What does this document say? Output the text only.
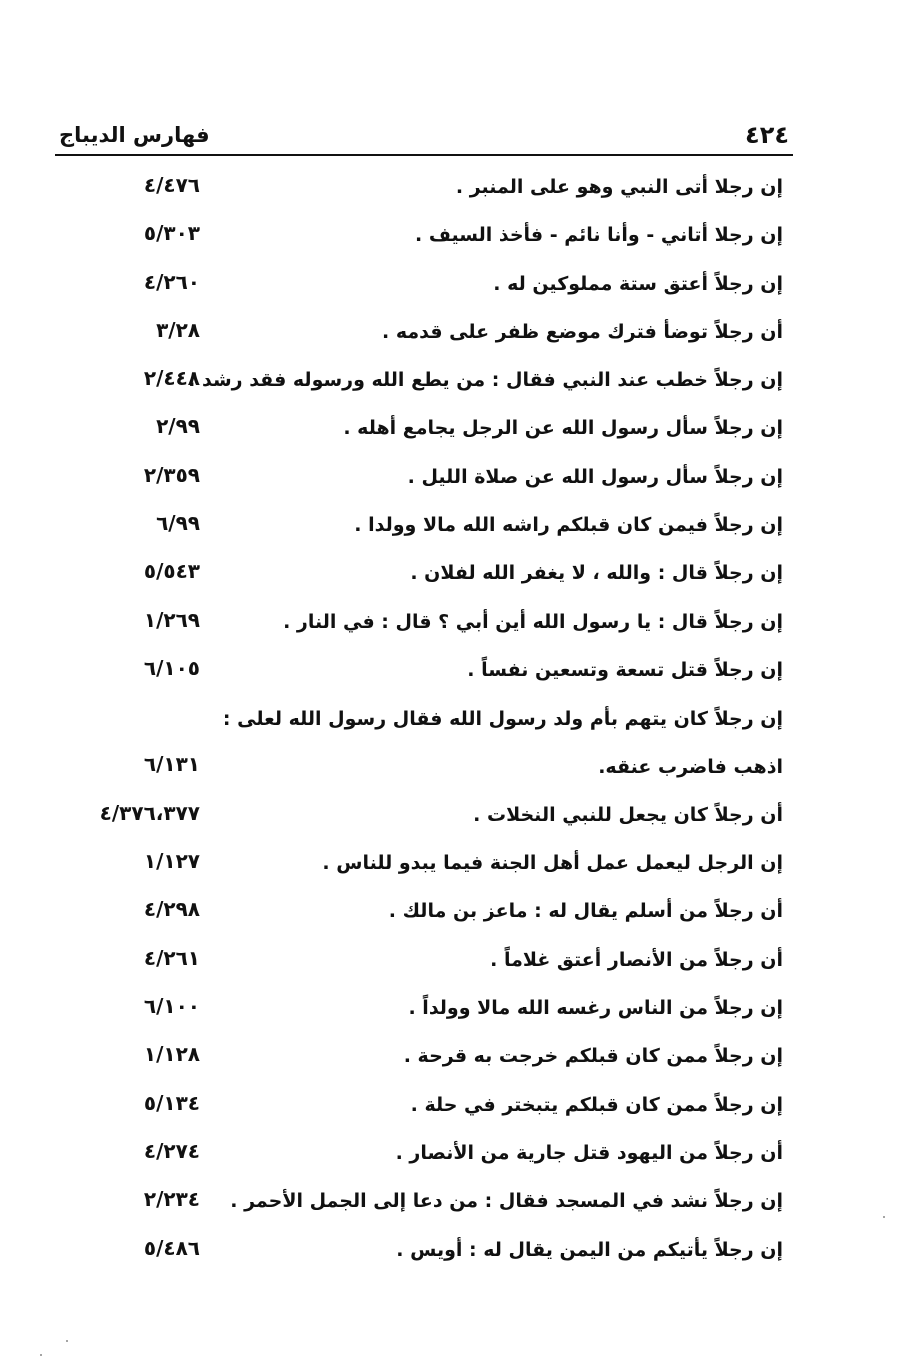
٤٢٤
فهارس الديباج
إن رجلا أتى النبي وهو على المنبر .
٤/٤٧٦
إن رجلا أتاني - وأنا نائم - فأخذ السيف .
٥/٣٠٣
إن رجلاً أعتق ستة مملوكين له .
٤/٢٦٠
أن رجلاً توضأ فترك موضع ظفر على قدمه .
٣/٢٨
إن رجلاً خطب عند النبي فقال : من يطع الله ورسوله فقد رشد .
٢/٤٤٨
إن رجلاً سأل رسول الله عن الرجل يجامع أهله .
٢/٩٩
إن رجلاً سأل رسول الله عن صلاة الليل .
٢/٣٥٩
إن رجلاً فيمن كان قبلكم راشه الله مالا وولدا .
٦/٩٩
إن رجلاً قال : والله ، لا يغفر الله لفلان .
٥/٥٤٣
إن رجلاً قال : يا رسول الله أين أبي ؟ قال : في النار .
١/٢٦٩
إن رجلاً قتل تسعة وتسعين نفساً .
٦/١٠٥
إن رجلاً كان يتهم بأم ولد رسول الله فقال رسول الله لعلى : اذهب فاضرب عنقه.
٦/١٣١
أن رجلاً كان يجعل للنبي النخلات .
٤/٣٧٦،٣٧٧
إن الرجل ليعمل عمل أهل الجنة فيما يبدو للناس .
١/١٢٧
أن رجلاً من أسلم يقال له : ماعز بن مالك .
٤/٢٩٨
أن رجلاً من الأنصار أعتق غلاماً .
٤/٢٦١
إن رجلاً من الناس رغسه الله مالا وولداً .
٦/١٠٠
إن رجلاً ممن كان قبلكم خرجت به قرحة .
١/١٢٨
إن رجلاً ممن كان قبلكم يتبختر في حلة .
٥/١٣٤
أن رجلاً من اليهود قتل جارية من الأنصار .
٤/٢٧٤
إن رجلاً نشد في المسجد فقال : من دعا إلى الجمل الأحمر .
٢/٢٣٤
إن رجلاً يأتيكم من اليمن يقال له : أويس .
٥/٤٨٦
